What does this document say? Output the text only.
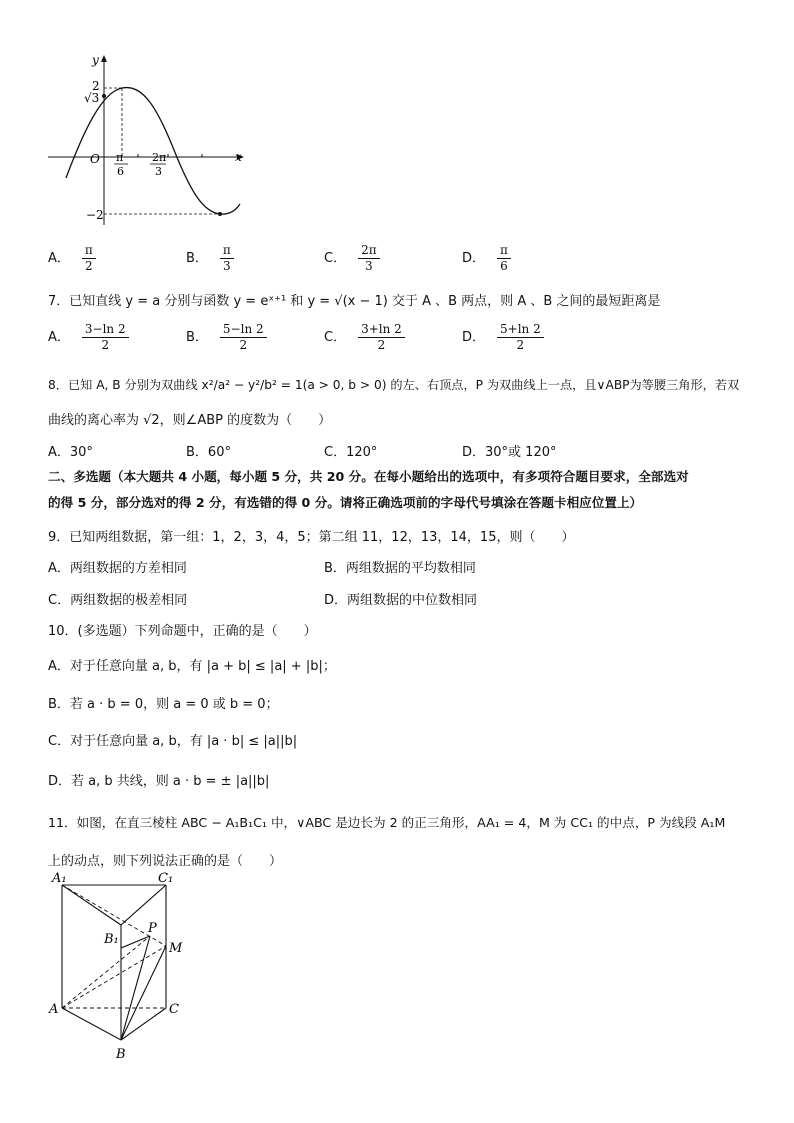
y
x
O
2
√3
−2
π
6
2π
3
A． $\frac{\pi}{2}$	B． $\frac{\pi}{3}$	C． $\frac{2\pi}{3}$	D． $\frac{\pi}{6}$
7．已知直线 y = a 分别与函数 y = eˣ⁺¹ 和 y = √(x − 1) 交于 A 、B 两点，则 A 、B 之间的最短距离是
A． $\frac{3-\ln 2}{2}$	B． $\frac{5-\ln 2}{2}$	C． $\frac{3+\ln 2}{2}$	D． $\frac{5+\ln 2}{2}$
8．已知 A, B 分别为双曲线 x²/a² − y²/b² = 1(a > 0, b > 0) 的左、右顶点，P 为双曲线上一点，且∨ABP为等腰三角形，若双
曲线的离心率为 √2，则∠ABP 的度数为（　　）
A．30°	B．60°	C．120°	D．30°或 120°
二、多选题（本大题共 4 小题，每小题 5 分，共 20 分。在每小题给出的选项中，有多项符合题目要求，全部选对
的得 5 分，部分选对的得 2 分，有选错的得 0 分。请将正确选项前的字母代号填涂在答题卡相应位置上）
9．已知两组数据，第一组：1，2，3，4，5；第二组 11，12，13，14，15，则（　　）
A．两组数据的方差相同	B．两组数据的平均数相同
C．两组数据的极差相同	D．两组数据的中位数相同
10．(多选题）下列命题中，正确的是（　　）
A．对于任意向量 a, b，有 |a + b| ≤ |a| + |b|；
B．若 a · b = 0，则 a = 0 或 b = 0；
C．对于任意向量 a, b，有 |a · b| ≤ |a||b|
D．若 a, b 共线，则 a · b = ± |a||b|
11．如图，在直三棱柱 ABC − A₁B₁C₁ 中，∨ABC 是边长为 2 的正三角形，AA₁ = 4，M 为 CC₁ 的中点，P 为线段 A₁M
上的动点，则下列说法正确的是（　　）
A₁	C₁
B₁
P
M
A	C
B
